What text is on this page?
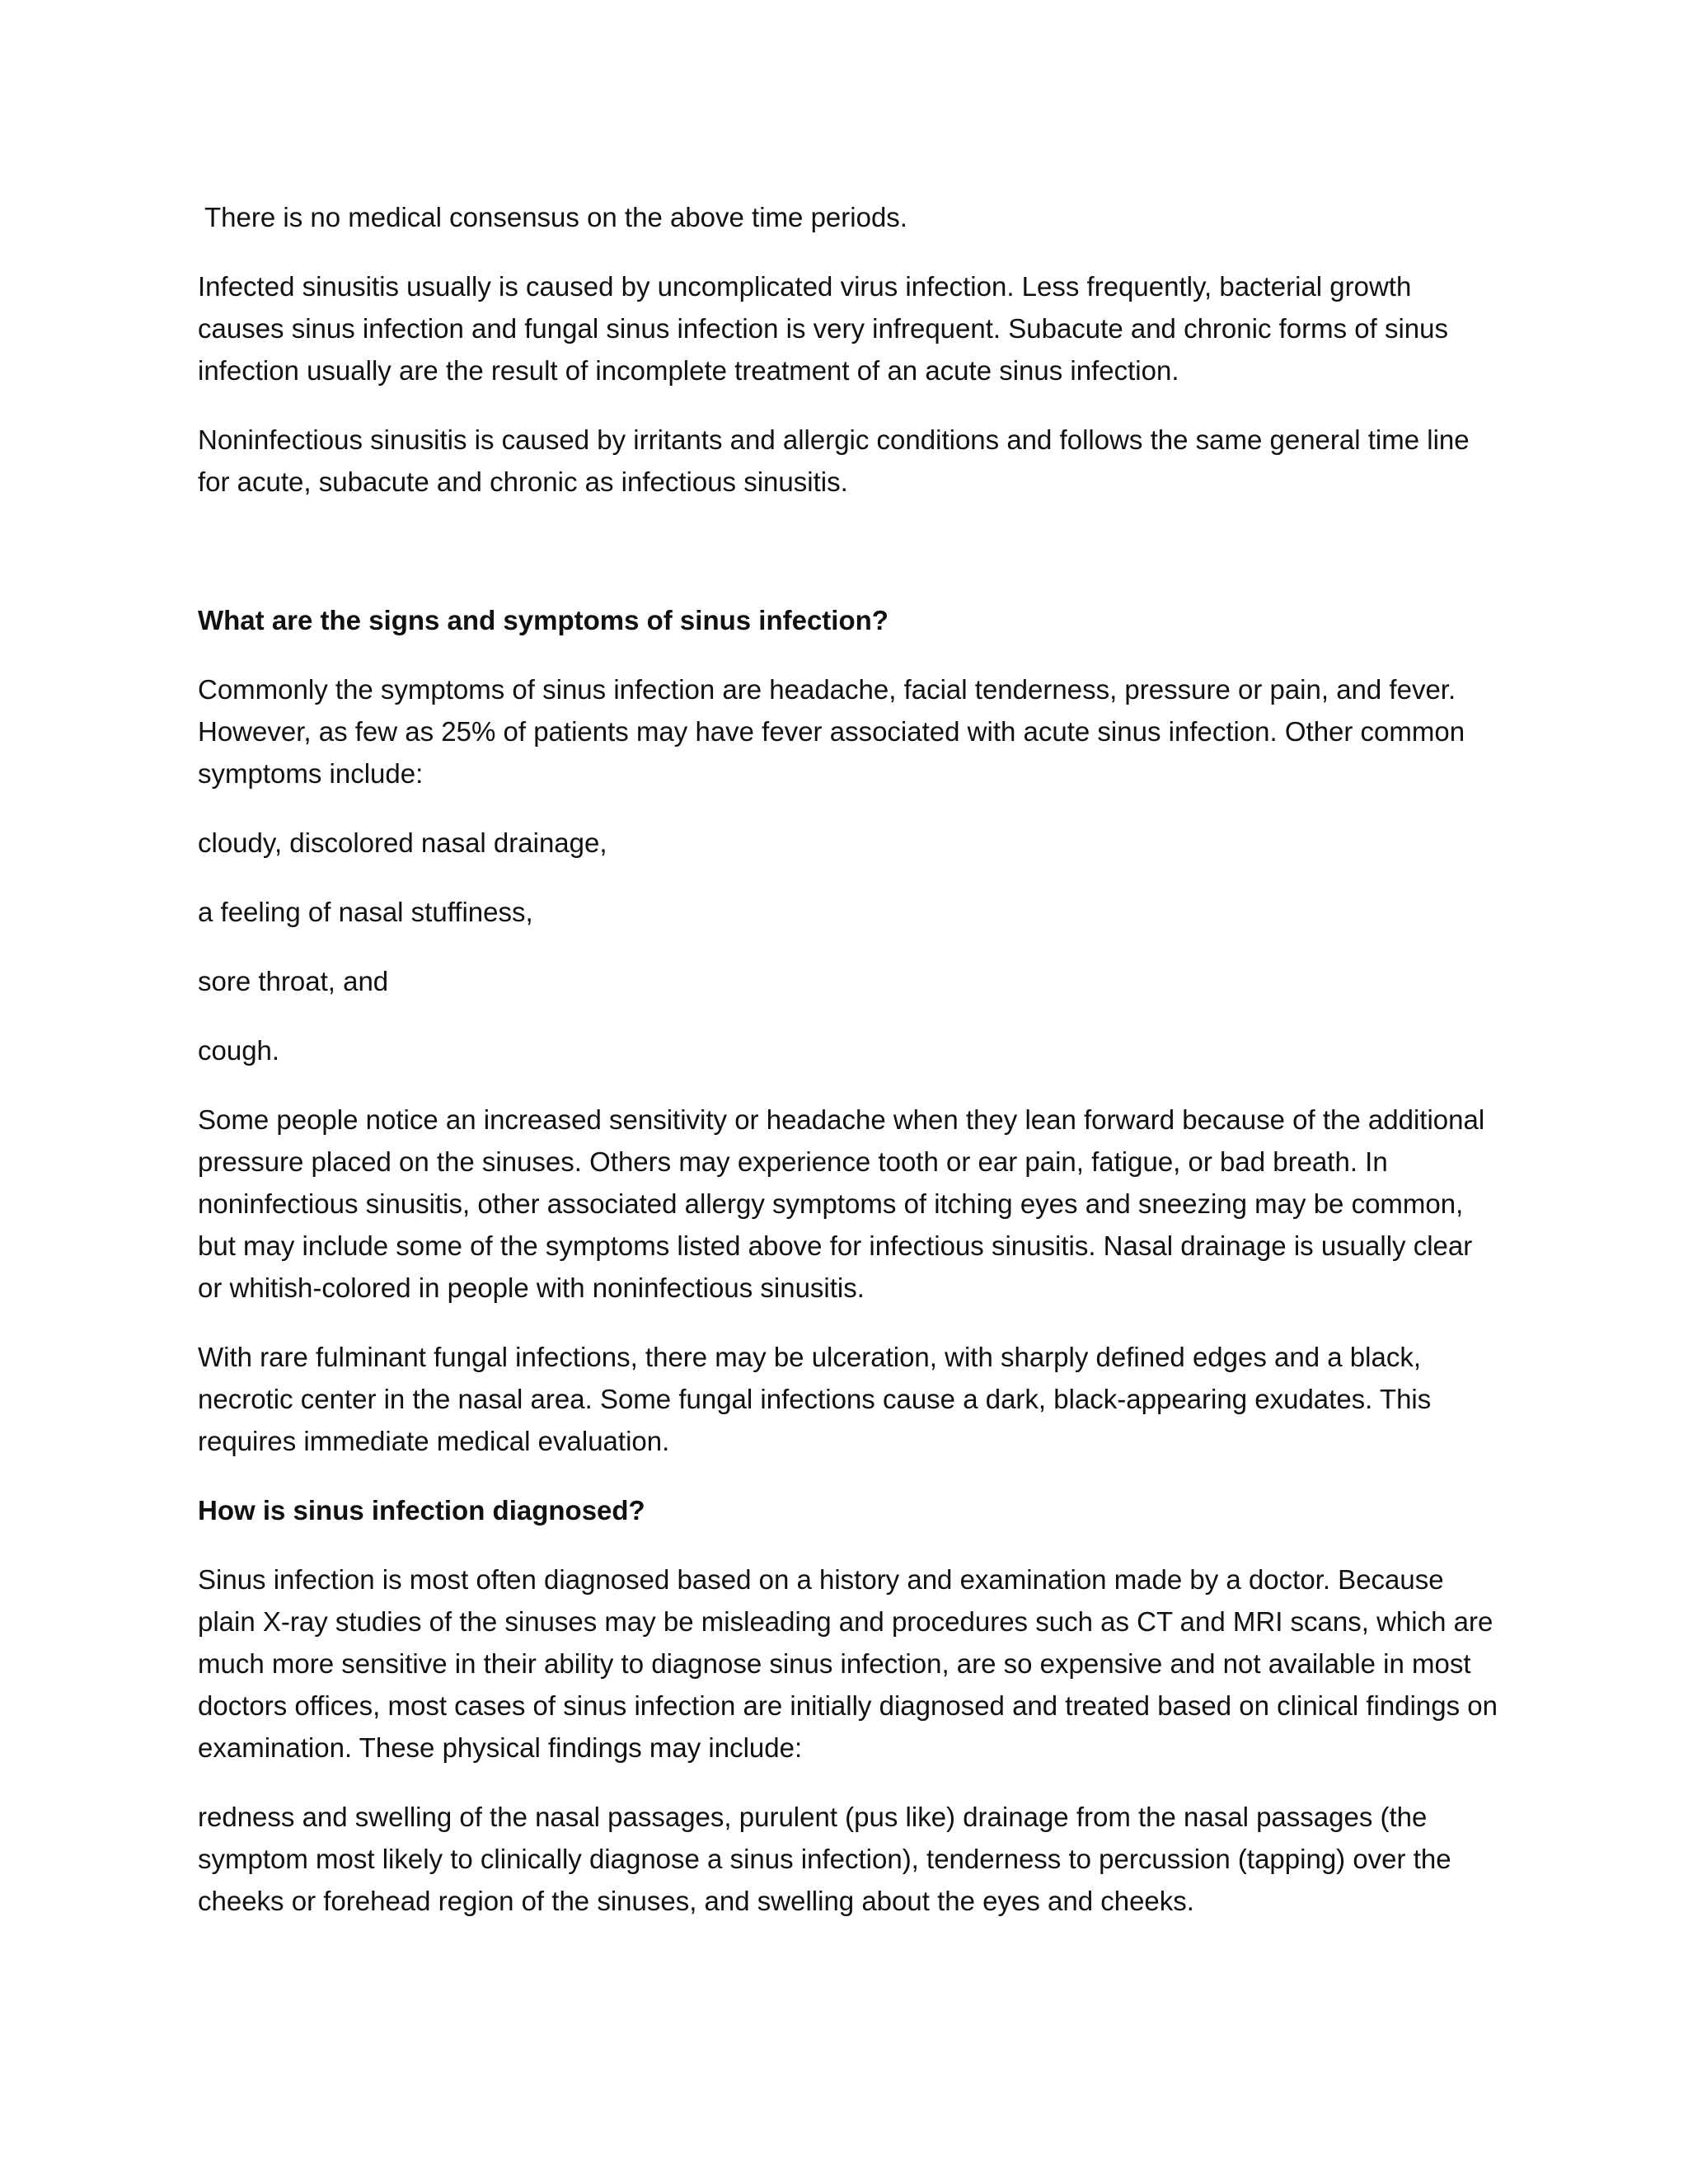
There is no medical consensus on the above time periods.

Infected sinusitis usually is caused by uncomplicated virus infection. Less frequently, bacterial growth causes sinus infection and fungal sinus infection is very infrequent. Subacute and chronic forms of sinus infection usually are the result of incomplete treatment of an acute sinus infection.

Noninfectious sinusitis is caused by irritants and allergic conditions and follows the same general time line for acute, subacute and chronic as infectious sinusitis.

What are the signs and symptoms of sinus infection?

Commonly the symptoms of sinus infection are headache, facial tenderness, pressure or pain, and fever. However, as few as 25% of patients may have fever associated with acute sinus infection. Other common symptoms include:

cloudy, discolored nasal drainage,

a feeling of nasal stuffiness,

sore throat, and

cough.

Some people notice an increased sensitivity or headache when they lean forward because of the additional pressure placed on the sinuses. Others may experience tooth or ear pain, fatigue, or bad breath. In noninfectious sinusitis, other associated allergy symptoms of itching eyes and sneezing may be common, but may include some of the symptoms listed above for infectious sinusitis. Nasal drainage is usually clear or whitish-colored in people with noninfectious sinusitis.

With rare fulminant fungal infections, there may be ulceration, with sharply defined edges and a black, necrotic center in the nasal area. Some fungal infections cause a dark, black-appearing exudates. This requires immediate medical evaluation.

How is sinus infection diagnosed?

Sinus infection is most often diagnosed based on a history and examination made by a doctor. Because plain X-ray studies of the sinuses may be misleading and procedures such as CT and MRI scans, which are much more sensitive in their ability to diagnose sinus infection, are so expensive and not available in most doctors offices, most cases of sinus infection are initially diagnosed and treated based on clinical findings on examination. These physical findings may include:

redness and swelling of the nasal passages, purulent (pus like) drainage from the nasal passages (the symptom most likely to clinically diagnose a sinus infection), tenderness to percussion (tapping) over the cheeks or forehead region of the sinuses, and swelling about the eyes and cheeks.
